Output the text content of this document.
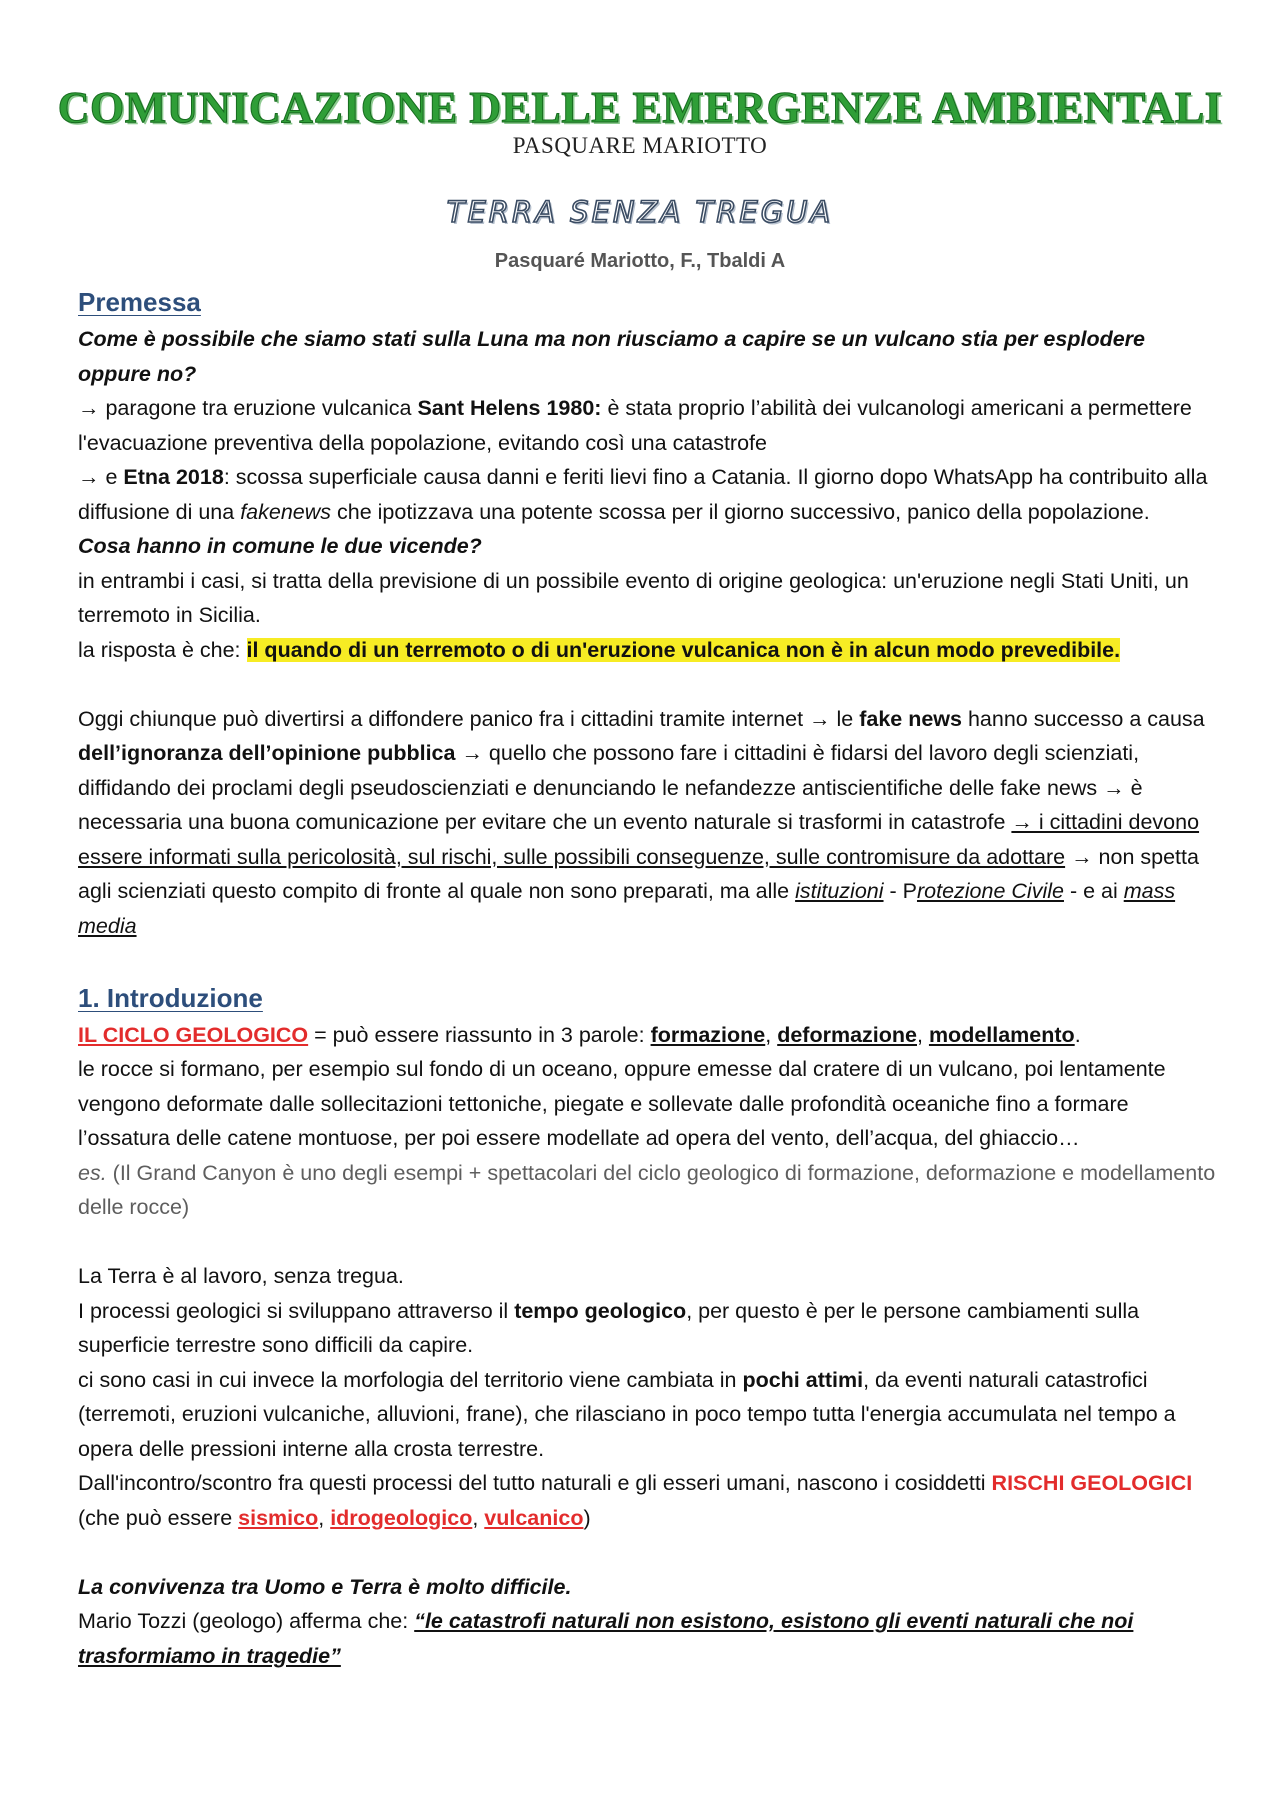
COMUNICAZIONE DELLE EMERGENZE AMBIENTALI
PASQUARE MARIOTTO
TERRA SENZA TREGUA
Pasquaré Mariotto, F., Tbaldi A
Premessa

Come è possibile che siamo stati sulla Luna ma non riusciamo a capire se un vulcano stia per esplodere oppure no?

→ paragone tra eruzione vulcanica Sant Helens 1980: è stata proprio l’abilità dei vulcanologi americani a permettere l'evacuazione preventiva della popolazione, evitando così una catastrofe

→ e Etna 2018: scossa superficiale causa danni e feriti lievi fino a Catania. Il giorno dopo WhatsApp ha contribuito alla diffusione di una fakenews che ipotizzava una potente scossa per il giorno successivo, panico della popolazione.

Cosa hanno in comune le due vicende?

in entrambi i casi, si tratta della previsione di un possibile evento di origine geologica: un'eruzione negli Stati Uniti, un terremoto in Sicilia.

la risposta è che: il quando di un terremoto o di un'eruzione vulcanica non è in alcun modo prevedibile.

Oggi chiunque può divertirsi a diffondere panico fra i cittadini tramite internet → le fake news hanno successo a causa dell’ignoranza dell’opinione pubblica → quello che possono fare i cittadini è fidarsi del lavoro degli scienziati, diffidando dei proclami degli pseudoscienziati e denunciando le nefandezze antiscientifiche delle fake news → è necessaria una buona comunicazione per evitare che un evento naturale si trasformi in catastrofe → i cittadini devono essere informati sulla pericolosità, sul rischi, sulle possibili conseguenze, sulle contromisure da adottare → non spetta agli scienziati questo compito di fronte al quale non sono preparati, ma alle istituzioni - Protezione Civile - e ai mass media

1. Introduzione

IL CICLO GEOLOGICO = può essere riassunto in 3 parole: formazione, deformazione, modellamento.

le rocce si formano, per esempio sul fondo di un oceano, oppure emesse dal cratere di un vulcano, poi lentamente vengono deformate dalle sollecitazioni tettoniche, piegate e sollevate dalle profondità oceaniche fino a formare l’ossatura delle catene montuose, per poi essere modellate ad opera del vento, dell’acqua, del ghiaccio…

es. (Il Grand Canyon è uno degli esempi + spettacolari del ciclo geologico di formazione, deformazione e modellamento delle rocce)

La Terra è al lavoro, senza tregua.

I processi geologici si sviluppano attraverso il tempo geologico, per questo è per le persone cambiamenti sulla superficie terrestre sono difficili da capire.

ci sono casi in cui invece la morfologia del territorio viene cambiata in pochi attimi, da eventi naturali catastrofici (terremoti, eruzioni vulcaniche, alluvioni, frane), che rilasciano in poco tempo tutta l'energia accumulata nel tempo a opera delle pressioni interne alla crosta terrestre.

Dall'incontro/scontro fra questi processi del tutto naturali e gli esseri umani, nascono i cosiddetti RISCHI GEOLOGICI (che può essere sismico, idrogeologico, vulcanico)

La convivenza tra Uomo e Terra è molto difficile.

Mario Tozzi (geologo) afferma che: “le catastrofi naturali non esistono, esistono gli eventi naturali che noi trasformiamo in tragedie”
